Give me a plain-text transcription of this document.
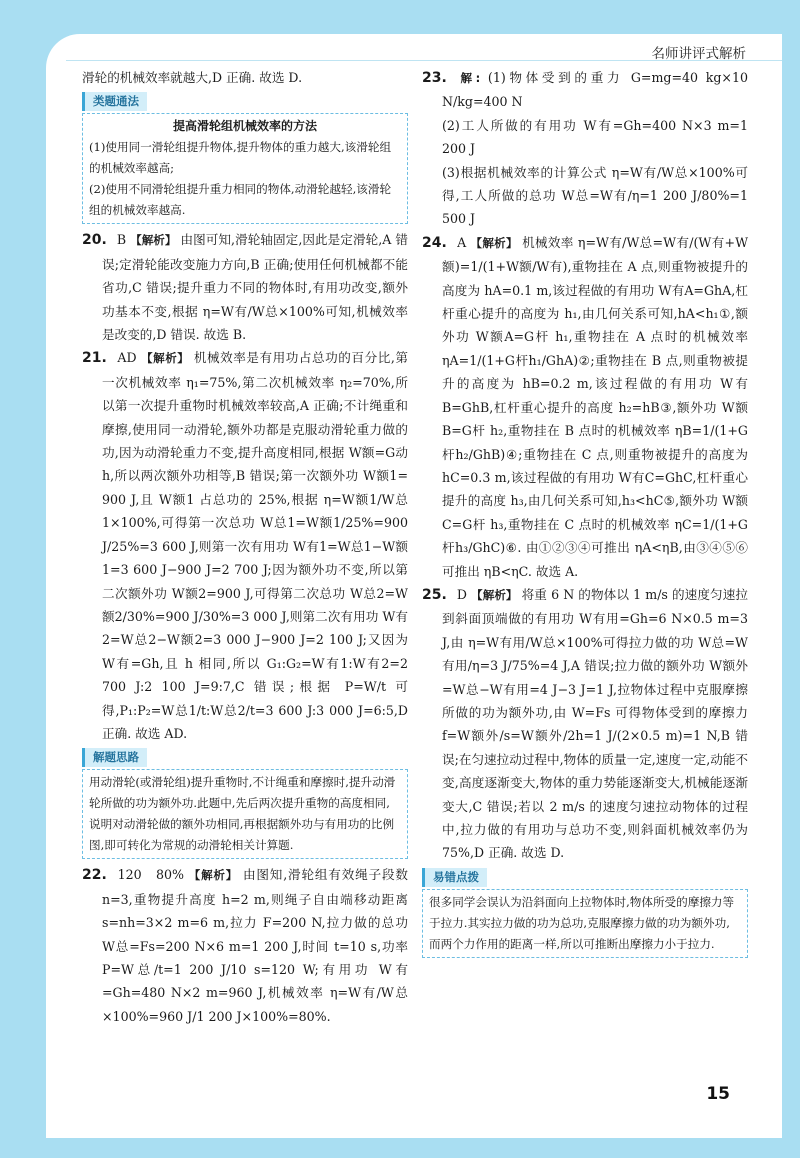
名师讲评式解析

滑轮的机械效率就越大,D 正确. 故选 D.

类题通法
提高滑轮组机械效率的方法
(1)使用同一滑轮组提升物体,提升物体的重力越大,该滑轮组的机械效率越高;
(2)使用不同滑轮组提升重力相同的物体,动滑轮越轻,该滑轮组的机械效率越高.

20. B 【解析】 由图可知,滑轮轴固定,因此是定滑轮,A 错误;定滑轮能改变施力方向,B 正确;使用任何机械都不能省功,C 错误;提升重力不同的物体时,有用功改变,额外功基本不变,根据 η=W有/W总×100%可知,机械效率是改变的,D 错误. 故选 B.

21. AD 【解析】 机械效率是有用功占总功的百分比,第一次机械效率 η₁=75%,第二次机械效率 η₂=70%,所以第一次提升重物时机械效率较高,A 正确;不计绳重和摩擦,使用同一动滑轮,额外功都是克服动滑轮重力做的功,因为动滑轮重力不变,提升高度相同,根据 W额=G动 h,所以两次额外功相等,B 错误;第一次额外功 W额1= 900 J,且 W额1 占总功的 25%,根据 η=W额1/W总1×100%,可得第一次总功 W总1=W额1/25%=900 J/25%=3 600 J,则第一次有用功 W有1=W总1−W额1=3 600 J−900 J=2 700 J;因为额外功不变,所以第二次额外功 W额2=900 J,可得第二次总功 W总2=W额2/30%=900 J/30%=3 000 J,则第二次有用功 W有2=W总2−W额2=3 000 J−900 J=2 100 J;又因为 W有=Gh,且 h 相同,所以 G₁:G₂=W有1:W有2=2 700 J:2 100 J=9:7,C 错误;根据 P=W/t 可得,P₁:P₂=W总1/t:W总2/t=3 600 J:3 000 J=6:5,D 正确. 故选 AD.

解题思路
用动滑轮(或滑轮组)提升重物时,不计绳重和摩擦时,提升动滑轮所做的功为额外功.此题中,先后两次提升重物的高度相同,说明对动滑轮做的额外功相同,再根据额外功与有用功的比例图,即可转化为常规的动滑轮相关计算题.

22. 120　80% 【解析】 由图知,滑轮组有效绳子段数 n=3,重物提升高度 h=2 m,则绳子自由端移动距离 s=nh=3×2 m=6 m,拉力 F=200 N,拉力做的总功 W总=Fs=200 N×6 m=1 200 J,时间 t=10 s,功率 P=W总/t=1 200 J/10 s=120 W;有用功 W有=Gh=480 N×2 m=960 J,机械效率 η=W有/W总×100%=960 J/1 200 J×100%=80%.

23. 解: (1)物体受到的重力 G=mg=40 kg×10 N/kg=400 N

(2)工人所做的有用功 W有=Gh=400 N×3 m=1 200 J

(3)根据机械效率的计算公式 η=W有/W总×100%可得,工人所做的总功 W总=W有/η=1 200 J/80%=1 500 J

24. A 【解析】 机械效率 η=W有/W总=W有/(W有+W额)=1/(1+W额/W有),重物挂在 A 点,则重物被提升的高度为 hA=0.1 m,该过程做的有用功 W有A=GhA,杠杆重心提升的高度为 h₁,由几何关系可知,hA<h₁①,额外功 W额A=G杆 h₁,重物挂在 A 点时的机械效率 ηA=1/(1+G杆h₁/GhA)②;重物挂在 B 点,则重物被提升的高度为 hB=0.2 m,该过程做的有用功 W有B=GhB,杠杆重心提升的高度 h₂=hB③,额外功 W额B=G杆 h₂,重物挂在 B 点时的机械效率 ηB=1/(1+G杆h₂/GhB)④;重物挂在 C 点,则重物被提升的高度为 hC=0.3 m,该过程做的有用功 W有C=GhC,杠杆重心提升的高度 h₃,由几何关系可知,h₃<hC⑤,额外功 W额C=G杆 h₃,重物挂在 C 点时的机械效率 ηC=1/(1+G杆h₃/GhC)⑥. 由①②③④可推出 ηA<ηB,由③④⑤⑥可推出 ηB<ηC. 故选 A.

25. D 【解析】 将重 6 N 的物体以 1 m/s 的速度匀速拉到斜面顶端做的有用功 W有用=Gh=6 N×0.5 m=3 J,由 η=W有用/W总×100%可得拉力做的功 W总=W有用/η=3 J/75%=4 J,A 错误;拉力做的额外功 W额外=W总−W有用=4 J−3 J=1 J,拉物体过程中克服摩擦所做的功为额外功,由 W=Fs 可得物体受到的摩擦力 f=W额外/s=W额外/2h=1 J/(2×0.5 m)=1 N,B 错误;在匀速拉动过程中,物体的质量一定,速度一定,动能不变,高度逐渐变大,物体的重力势能逐渐变大,机械能逐渐变大,C 错误;若以 2 m/s 的速度匀速拉动物体的过程中,拉力做的有用功与总功不变,则斜面机械效率仍为 75%,D 正确. 故选 D.

易错点拨
很多同学会误认为沿斜面向上拉物体时,物体所受的摩擦力等于拉力.其实拉力做的功为总功,克服摩擦力做的功为额外功,而两个力作用的距离一样,所以可推断出摩擦力小于拉力.
15
